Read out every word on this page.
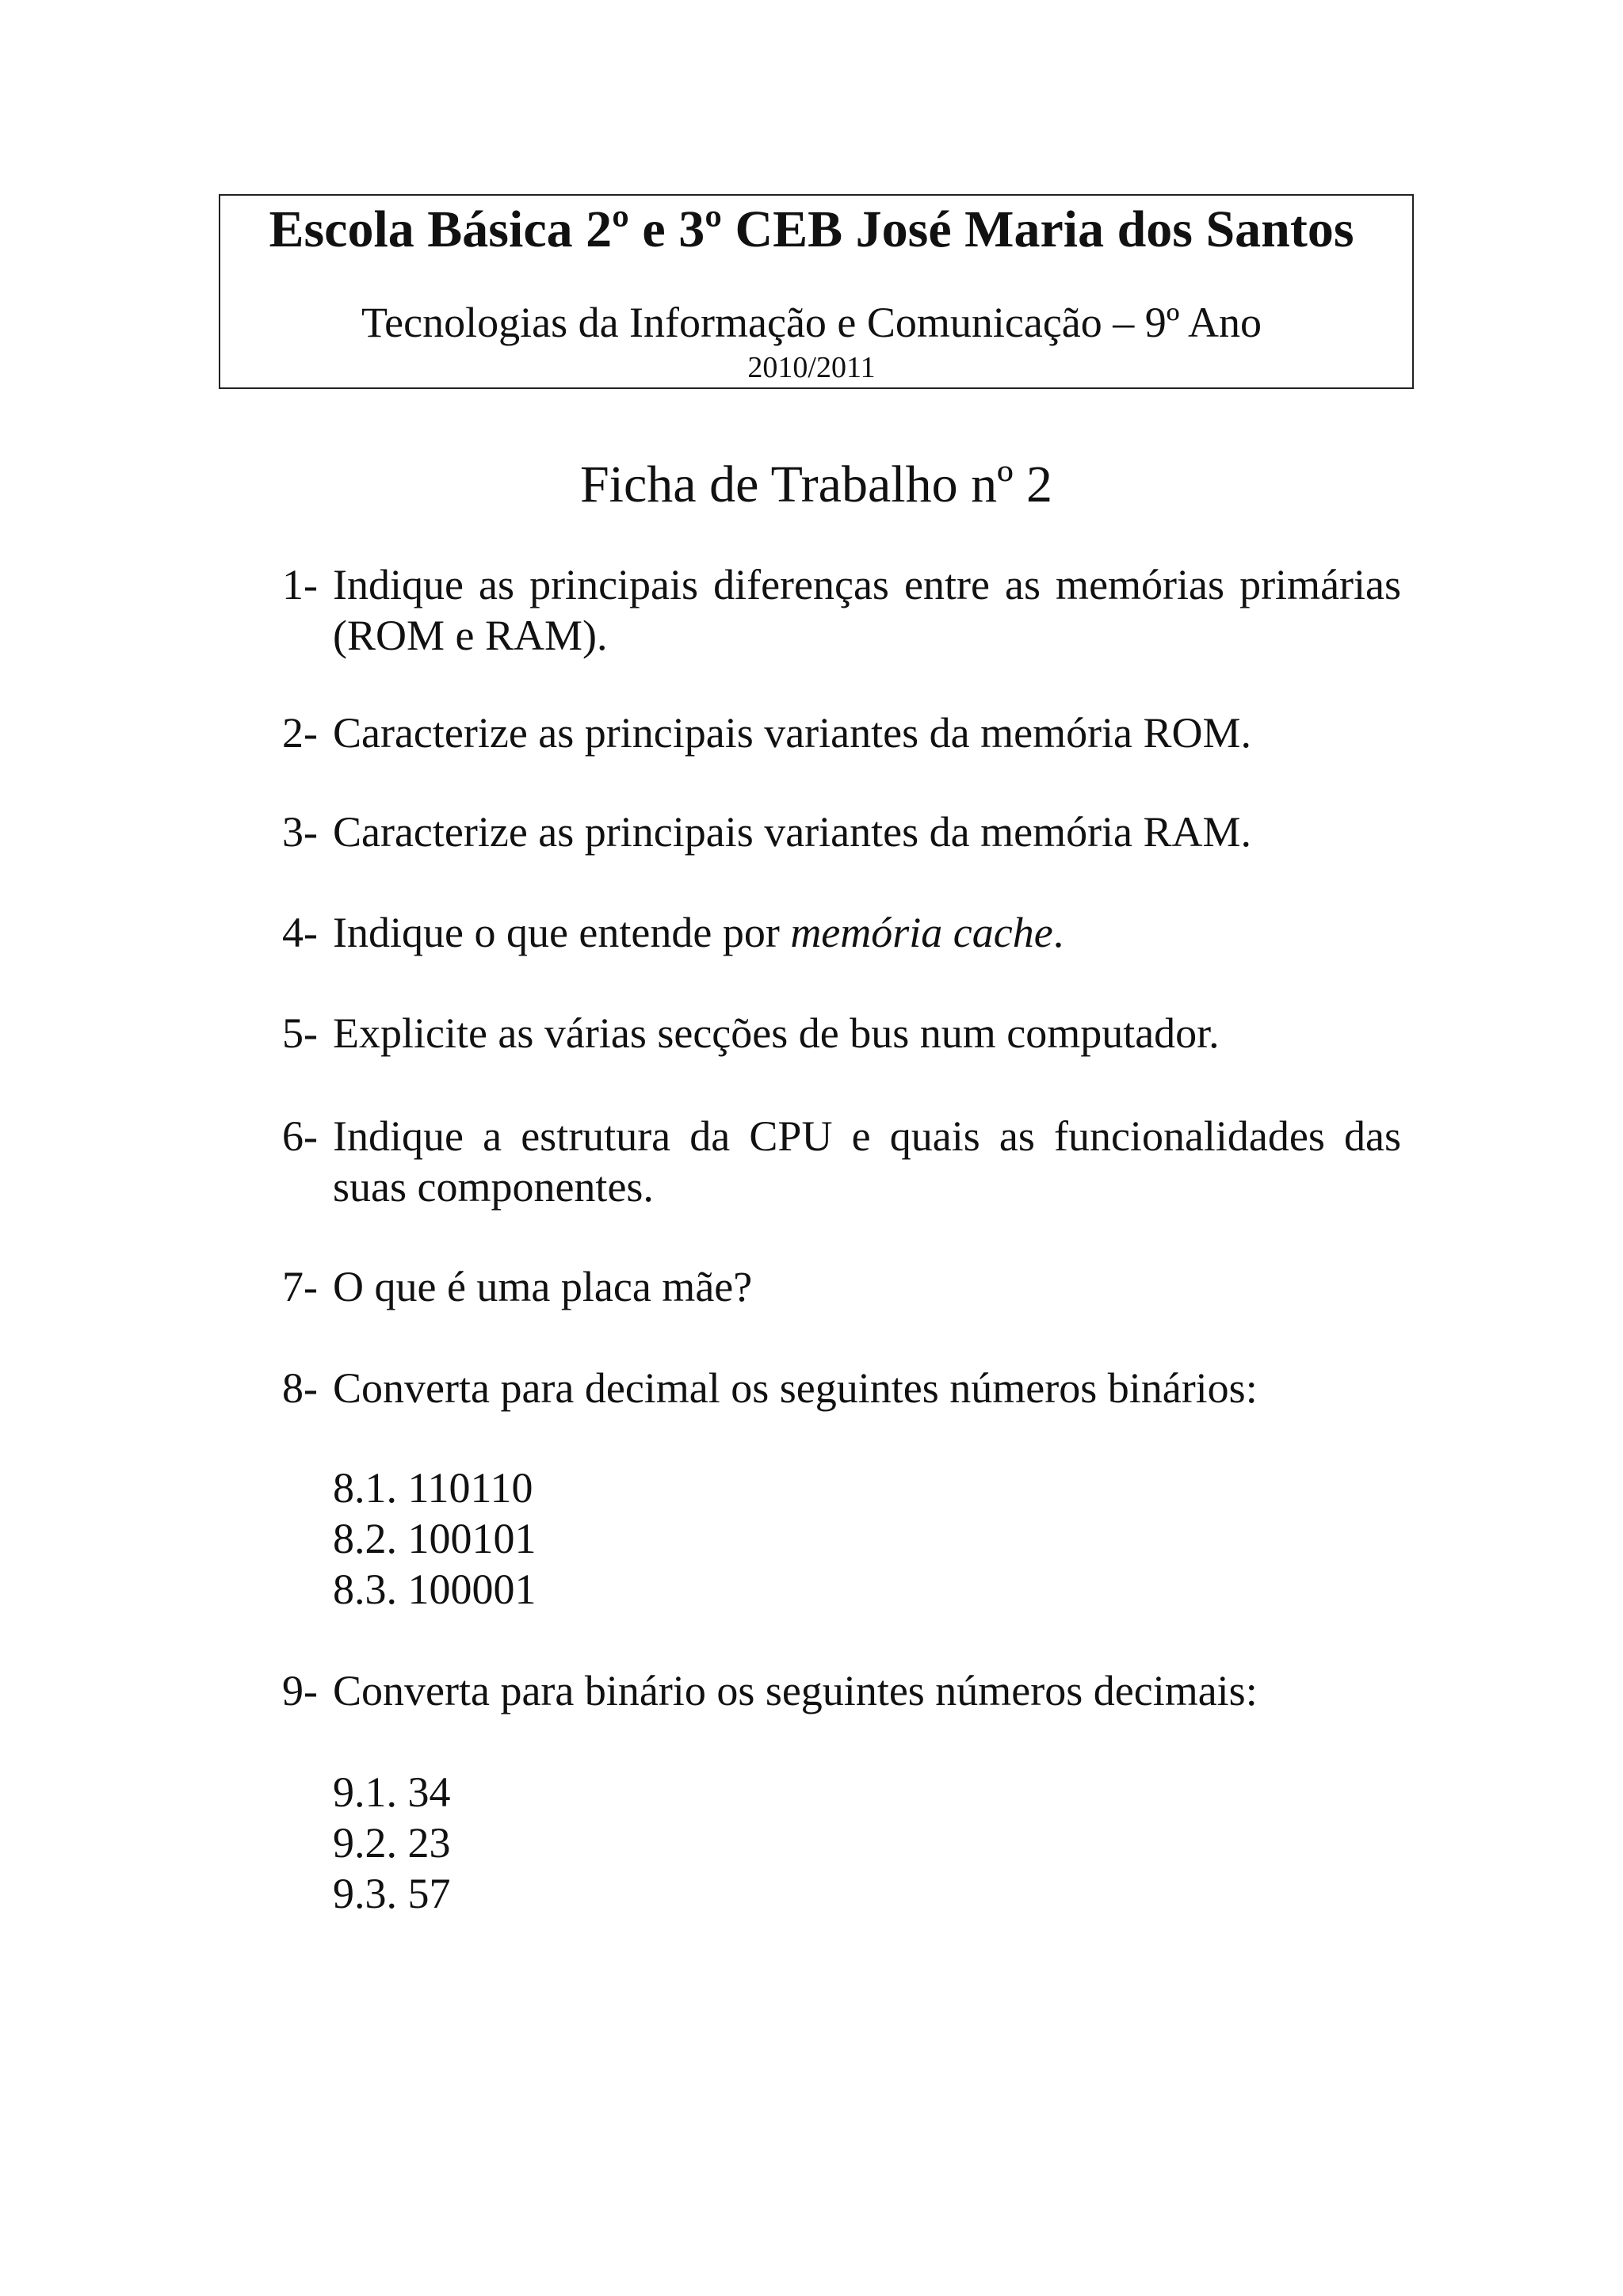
Escola Básica 2º e 3º CEB José Maria dos Santos
Tecnologias da Informação e Comunicação – 9º Ano
2010/2011
Ficha de Trabalho nº 2
1- Indique as principais diferenças entre as memórias primárias (ROM e RAM).
2- Caracterize as principais variantes da memória ROM.
3- Caracterize as principais variantes da memória RAM.
4- Indique o que entende por memória cache.
5- Explicite as várias secções de bus num computador.
6- Indique a estrutura da CPU e quais as funcionalidades das suas componentes.
7- O que é uma placa mãe?
8- Converta para decimal os seguintes números binários:
9- Converta para binário os seguintes números decimais:
8.1. 110110
8.2. 100101
8.3. 100001
9.1. 34
9.2. 23
9.3. 57
